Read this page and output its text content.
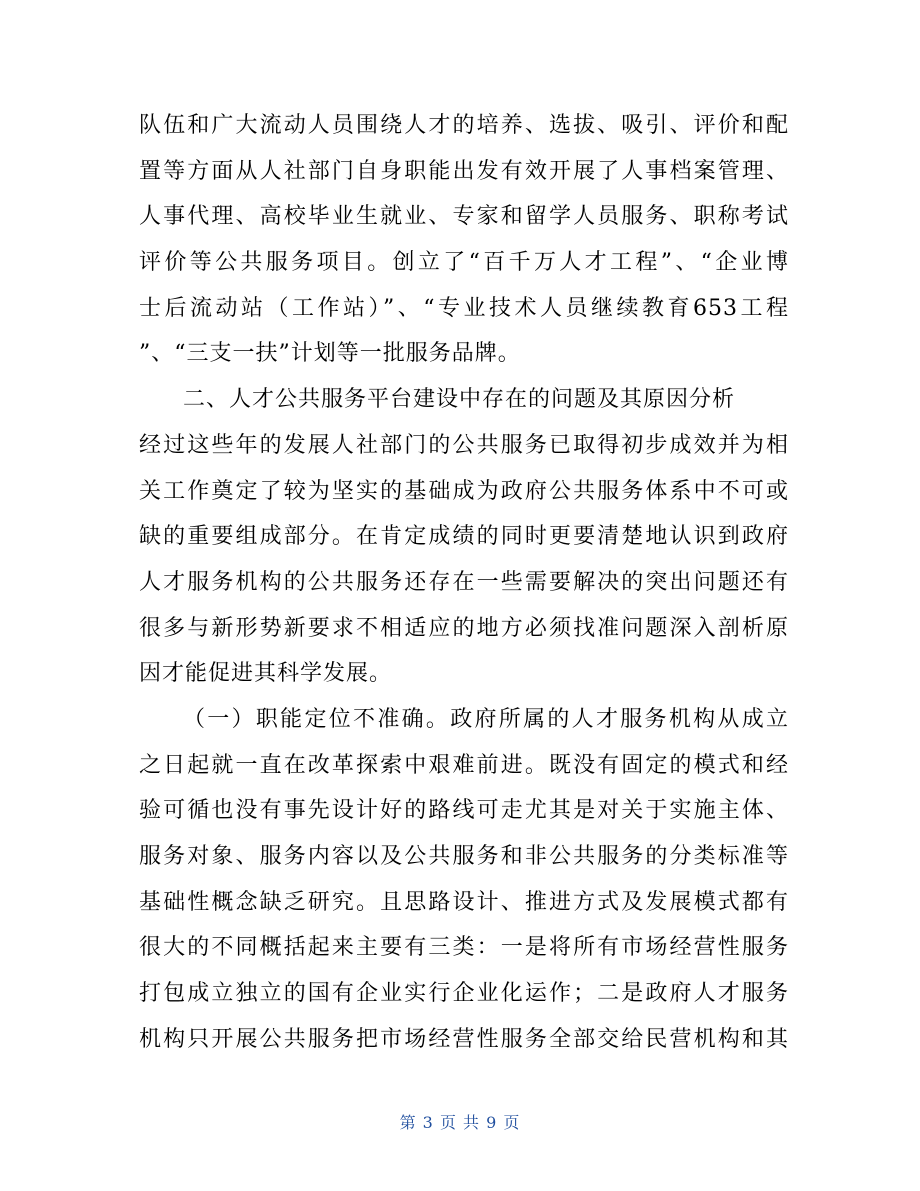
队伍和广大流动人员围绕人才的培养、选拔、吸引、评价和配
置等方面从人社部门自身职能出发有效开展了人事档案管理、
人事代理、高校毕业生就业、专家和留学人员服务、职称考试
评价等公共服务项目。创立了“百千万人才工程”、“企业博
士后流动站（工作站）”、“专业技术人员继续教育653工程
”、“三支一扶”计划等一批服务品牌。
二、人才公共服务平台建设中存在的问题及其原因分析
经过这些年的发展人社部门的公共服务已取得初步成效并为相
关工作奠定了较为坚实的基础成为政府公共服务体系中不可或
缺的重要组成部分。在肯定成绩的同时更要清楚地认识到政府
人才服务机构的公共服务还存在一些需要解决的突出问题还有
很多与新形势新要求不相适应的地方必须找准问题深入剖析原
因才能促进其科学发展。
（一）职能定位不准确。政府所属的人才服务机构从成立
之日起就一直在改革探索中艰难前进。既没有固定的模式和经
验可循也没有事先设计好的路线可走尤其是对关于实施主体、
服务对象、服务内容以及公共服务和非公共服务的分类标准等
基础性概念缺乏研究。且思路设计、推进方式及发展模式都有
很大的不同概括起来主要有三类：一是将所有市场经营性服务
打包成立独立的国有企业实行企业化运作；二是政府人才服务
机构只开展公共服务把市场经营性服务全部交给民营机构和其
第 3 页 共 9 页
